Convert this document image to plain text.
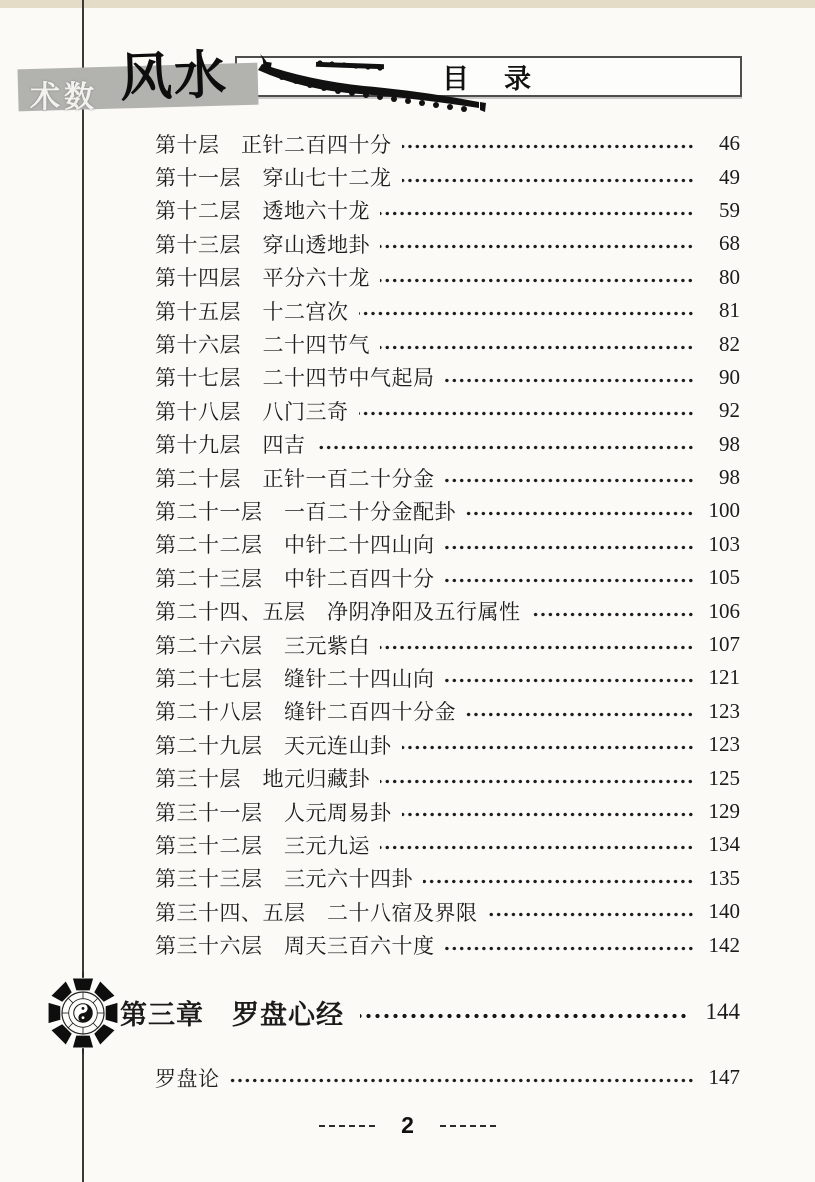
术数 风水	目　录
第十层　正针二百四十分	46
第十一层　穿山七十二龙	49
第十二层　透地六十龙	59
第十三层　穿山透地卦	68
第十四层　平分六十龙	80
第十五层　十二宫次	81
第十六层　二十四节气	82
第十七层　二十四节中气起局	90
第十八层　八门三奇	92
第十九层　四吉	98
第二十层　正针一百二十分金	98
第二十一层　一百二十分金配卦	100
第二十二层　中针二十四山向	103
第二十三层　中针二百四十分	105
第二十四、五层　净阴净阳及五行属性	106
第二十六层　三元紫白	107
第二十七层　缝针二十四山向	121
第二十八层　缝针二百四十分金	123
第二十九层　天元连山卦	123
第三十层　地元归藏卦	125
第三十一层　人元周易卦	129
第三十二层　三元九运	134
第三十三层　三元六十四卦	135
第三十四、五层　二十八宿及界限	140
第三十六层　周天三百六十度	142
第三章　罗盘心经	144
罗盘论	147
2
